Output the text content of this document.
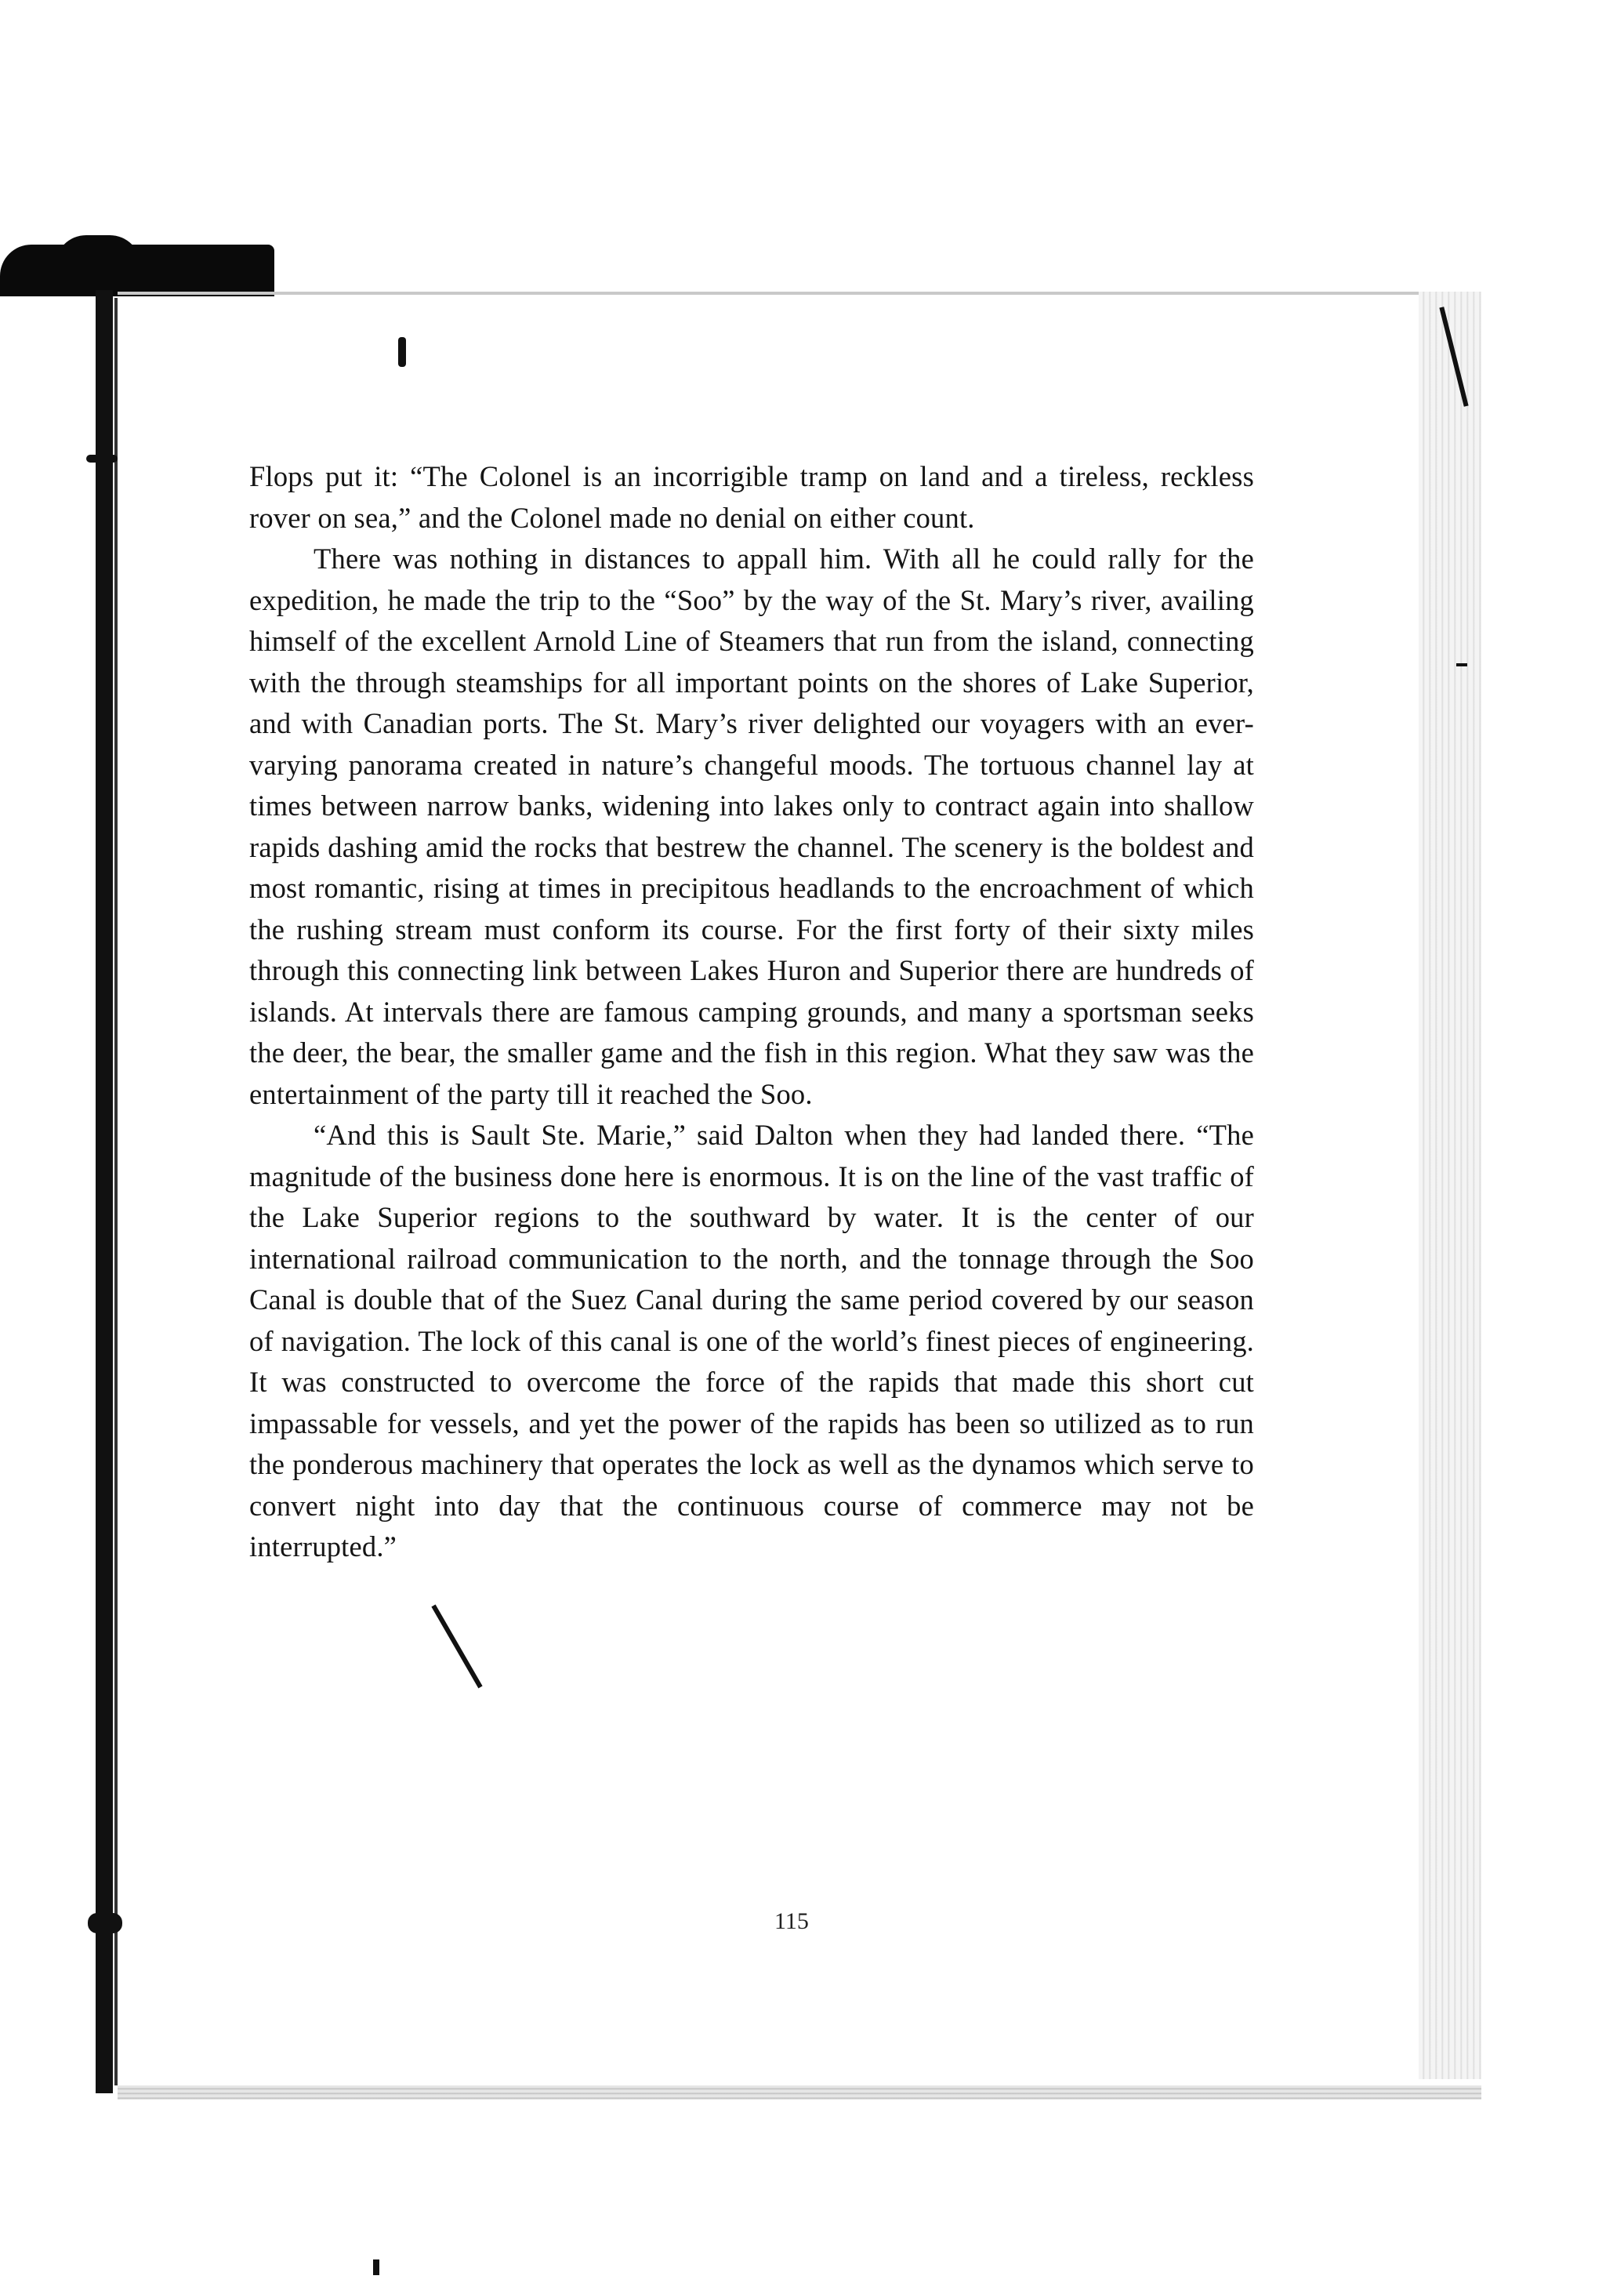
Flops put it: “The Colonel is an incorrigible tramp on land and a tireless, reckless rover on sea,” and the Colonel made no denial on either count.

There was nothing in distances to appall him. With all he could rally for the expedition, he made the trip to the “Soo” by the way of the St. Mary’s river, availing himself of the excellent Arnold Line of Steamers that run from the island, connecting with the through steamships for all important points on the shores of Lake Superior, and with Canadian ports. The St. Mary’s river delighted our voyagers with an ever-varying panorama created in nature’s changeful moods. The tortuous channel lay at times between narrow banks, widening into lakes only to contract again into shallow rapids dashing amid the rocks that bestrew the channel. The scenery is the boldest and most romantic, rising at times in precipitous headlands to the encroachment of which the rushing stream must conform its course. For the first forty of their sixty miles through this connecting link between Lakes Huron and Superior there are hundreds of islands. At intervals there are famous camping grounds, and many a sportsman seeks the deer, the bear, the smaller game and the fish in this region. What they saw was the entertainment of the party till it reached the Soo.

“And this is Sault Ste. Marie,” said Dalton when they had landed there. “The magnitude of the business done here is enormous. It is on the line of the vast traffic of the Lake Superior regions to the southward by water. It is the center of our international railroad communication to the north, and the tonnage through the Soo Canal is double that of the Suez Canal during the same period covered by our season of navigation. The lock of this canal is one of the world’s finest pieces of engineering. It was constructed to overcome the force of the rapids that made this short cut impassable for vessels, and yet the power of the rapids has been so utilized as to run the ponderous machinery that operates the lock as well as the dynamos which serve to convert night into day that the continuous course of commerce may not be interrupted.”

115
